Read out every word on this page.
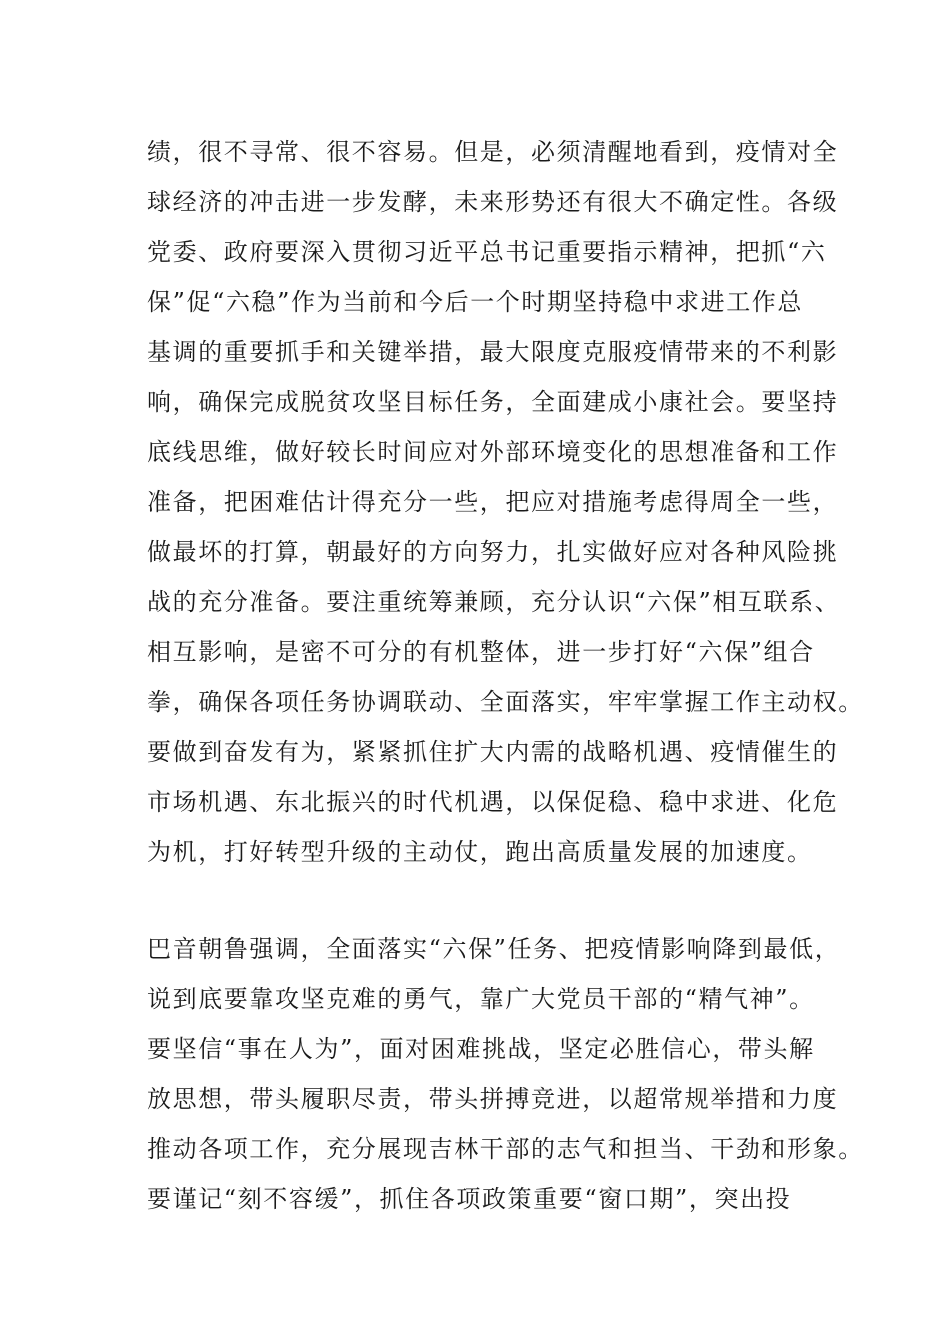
绩，很不寻常、很不容易。但是，必须清醒地看到，疫情对全
球经济的冲击进一步发酵，未来形势还有很大不确定性。各级
党委、政府要深入贯彻习近平总书记重要指示精神，把抓“六
保”促“六稳”作为当前和今后一个时期坚持稳中求进工作总
基调的重要抓手和关键举措，最大限度克服疫情带来的不利影
响，确保完成脱贫攻坚目标任务，全面建成小康社会。要坚持
底线思维，做好较长时间应对外部环境变化的思想准备和工作
准备，把困难估计得充分一些，把应对措施考虑得周全一些，
做最坏的打算，朝最好的方向努力，扎实做好应对各种风险挑
战的充分准备。要注重统筹兼顾，充分认识“六保”相互联系、
相互影响，是密不可分的有机整体，进一步打好“六保”组合
拳，确保各项任务协调联动、全面落实，牢牢掌握工作主动权。
要做到奋发有为，紧紧抓住扩大内需的战略机遇、疫情催生的
市场机遇、东北振兴的时代机遇，以保促稳、稳中求进、化危
为机，打好转型升级的主动仗，跑出高质量发展的加速度。
巴音朝鲁强调，全面落实“六保”任务、把疫情影响降到最低，
说到底要靠攻坚克难的勇气，靠广大党员干部的“精气神”。
要坚信“事在人为”，面对困难挑战，坚定必胜信心，带头解
放思想，带头履职尽责，带头拼搏竞进，以超常规举措和力度
推动各项工作，充分展现吉林干部的志气和担当、干劲和形象。
要谨记“刻不容缓”，抓住各项政策重要“窗口期”，突出投
